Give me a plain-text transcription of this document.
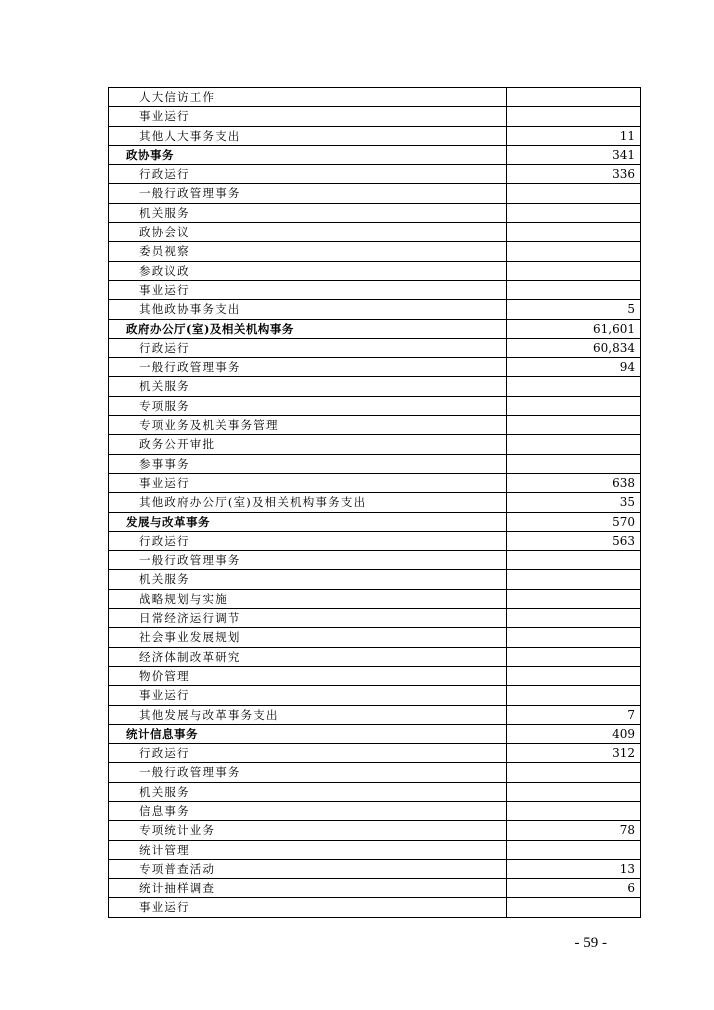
人大信访工作	
事业运行	
其他人大事务支出	11
政协事务	341
行政运行	336
一般行政管理事务	
机关服务	
政协会议	
委员视察	
参政议政	
事业运行	
其他政协事务支出	5
政府办公厅(室)及相关机构事务	61,601
行政运行	60,834
一般行政管理事务	94
机关服务	
专项服务	
专项业务及机关事务管理	
政务公开审批	
参事事务	
事业运行	638
其他政府办公厅(室)及相关机构事务支出	35
发展与改革事务	570
行政运行	563
一般行政管理事务	
机关服务	
战略规划与实施	
日常经济运行调节	
社会事业发展规划	
经济体制改革研究	
物价管理	
事业运行	
其他发展与改革事务支出	7
统计信息事务	409
行政运行	312
一般行政管理事务	
机关服务	
信息事务	
专项统计业务	78
统计管理	
专项普查活动	13
统计抽样调查	6
事业运行	
- 59 -
